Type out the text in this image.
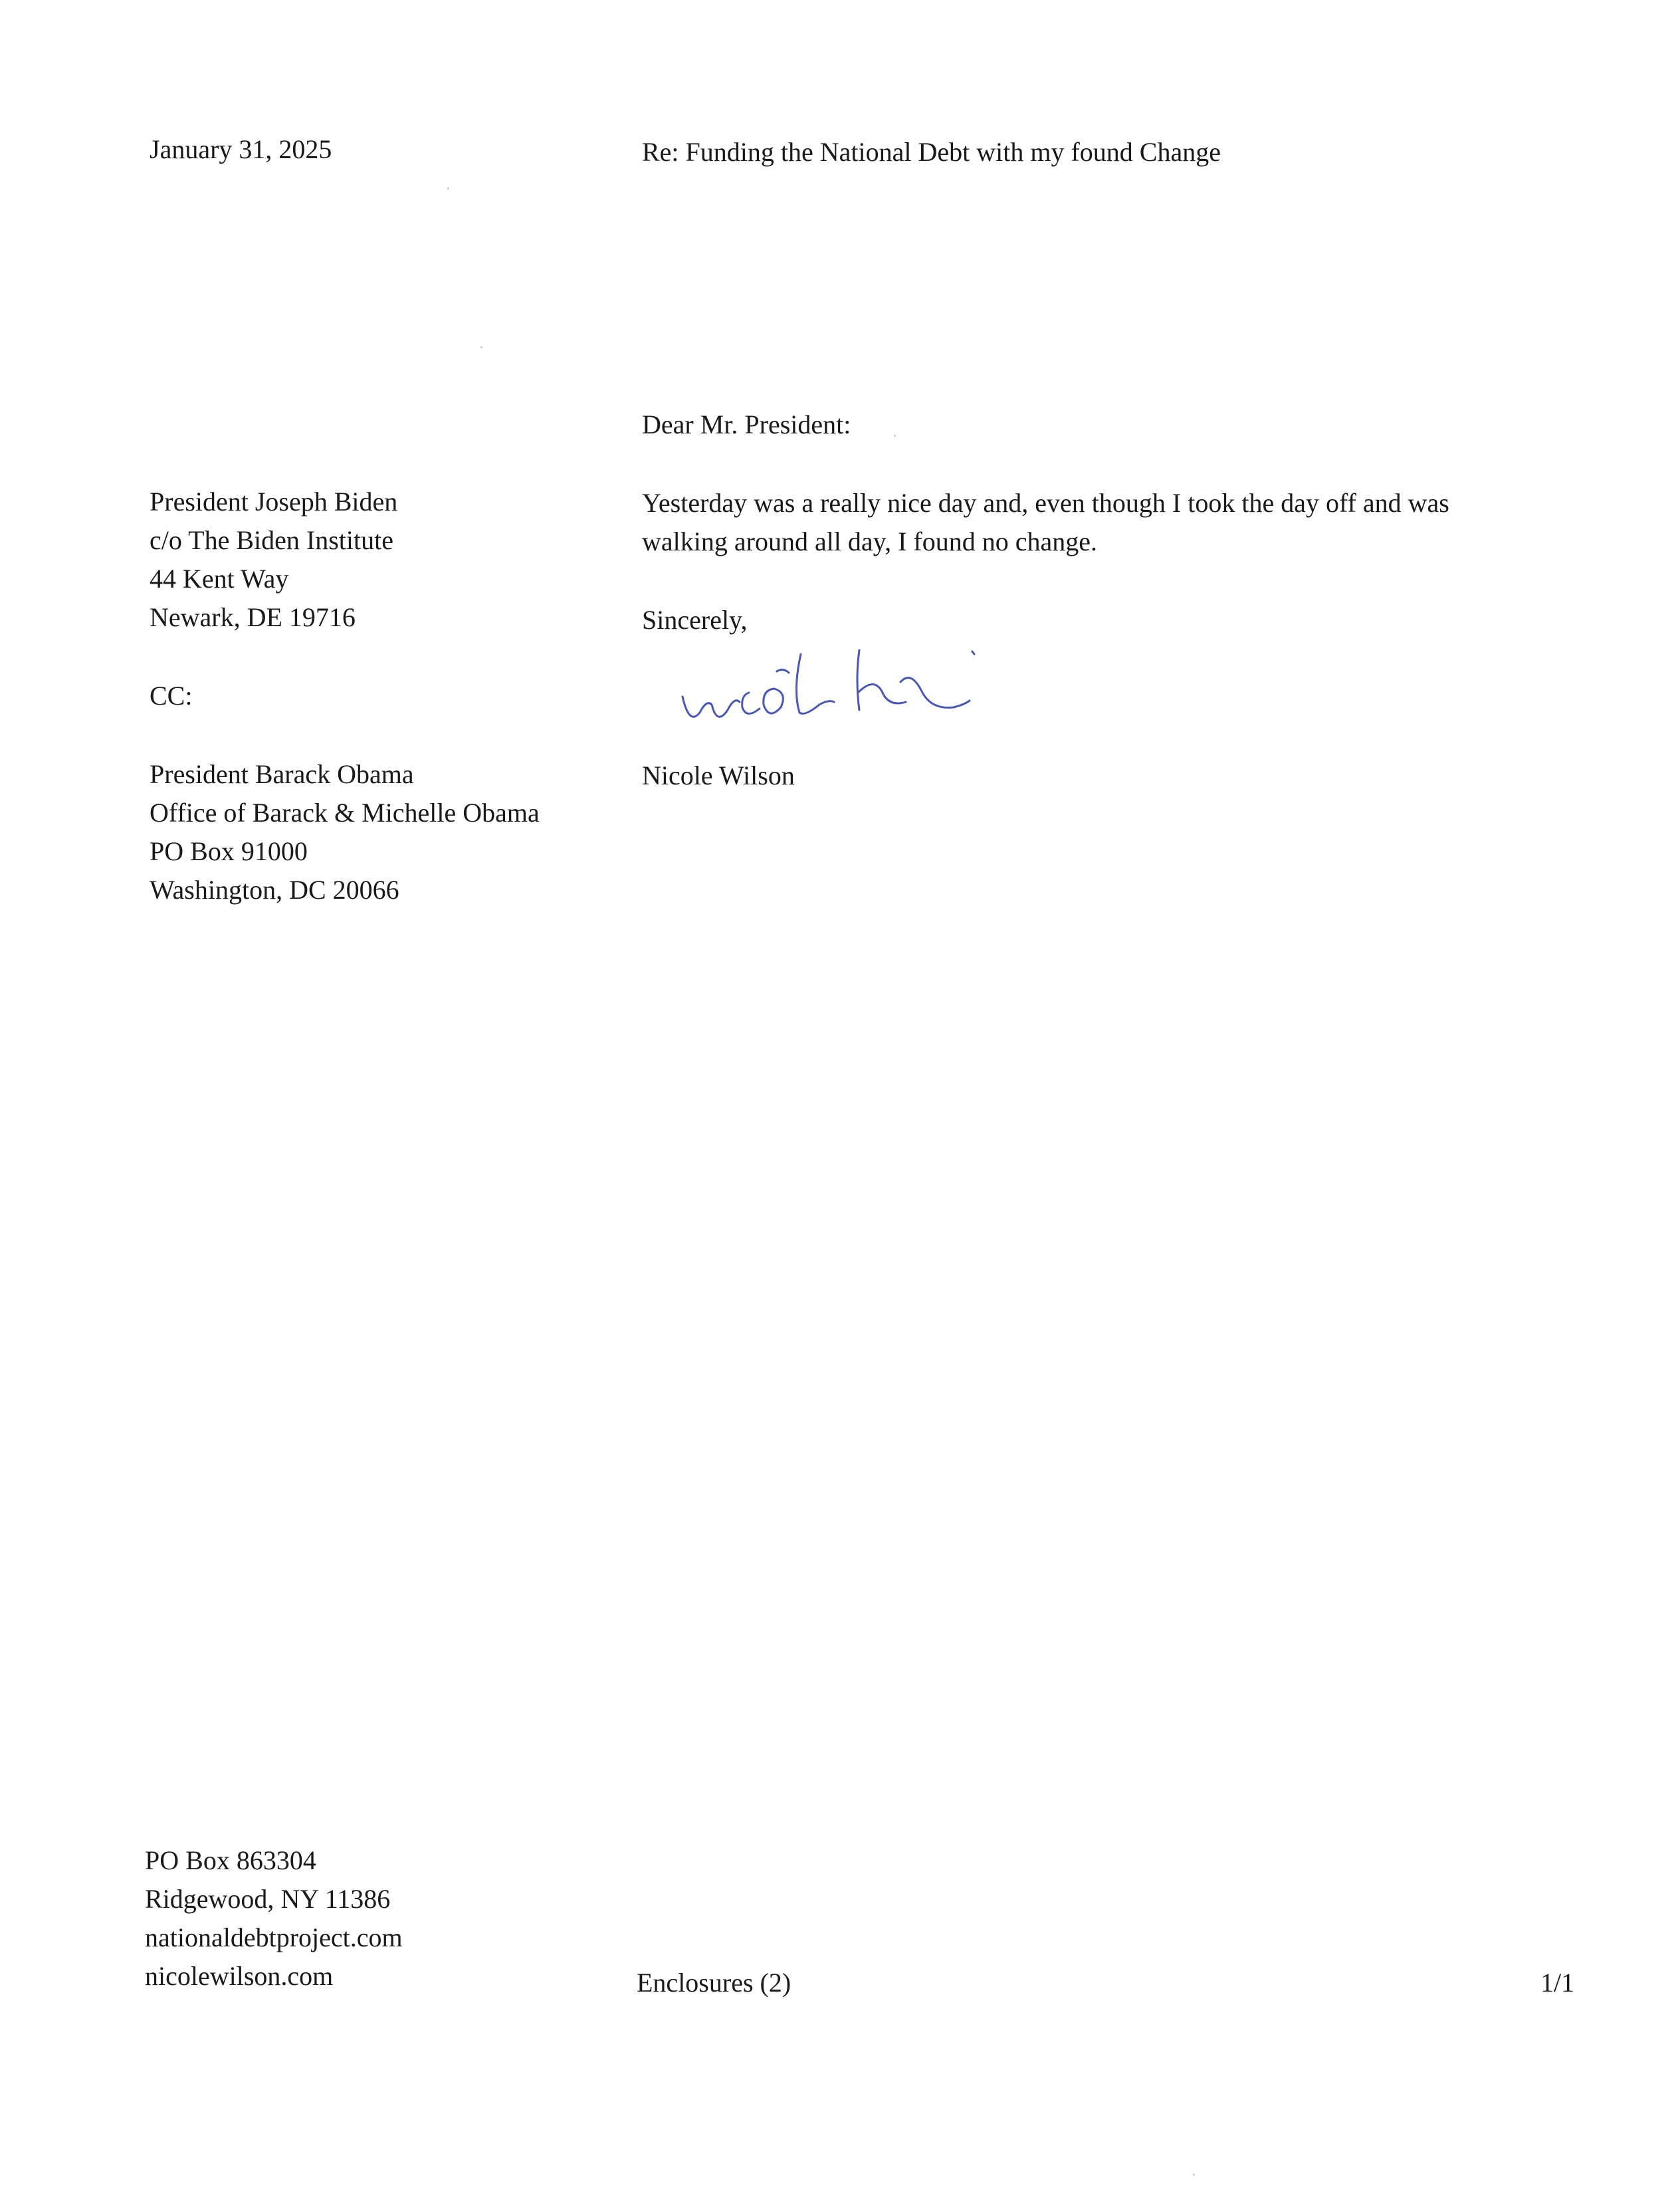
January 31, 2025	Re: Funding the National Debt with my found Change
Dear Mr. President:
President Joseph Biden
c/o The Biden Institute
44 Kent Way
Newark, DE 19716
CC:
President Barack Obama
Office of Barack & Michelle Obama
PO Box 91000
Washington, DC 20066
Yesterday was a really nice day and, even though I took the day off and was
walking around all day, I found no change.
Sincerely,
Nicole Wilson
PO Box 863304
Ridgewood, NY 11386
nationaldebtproject.com
nicolewilson.com	Enclosures (2)	1/1
